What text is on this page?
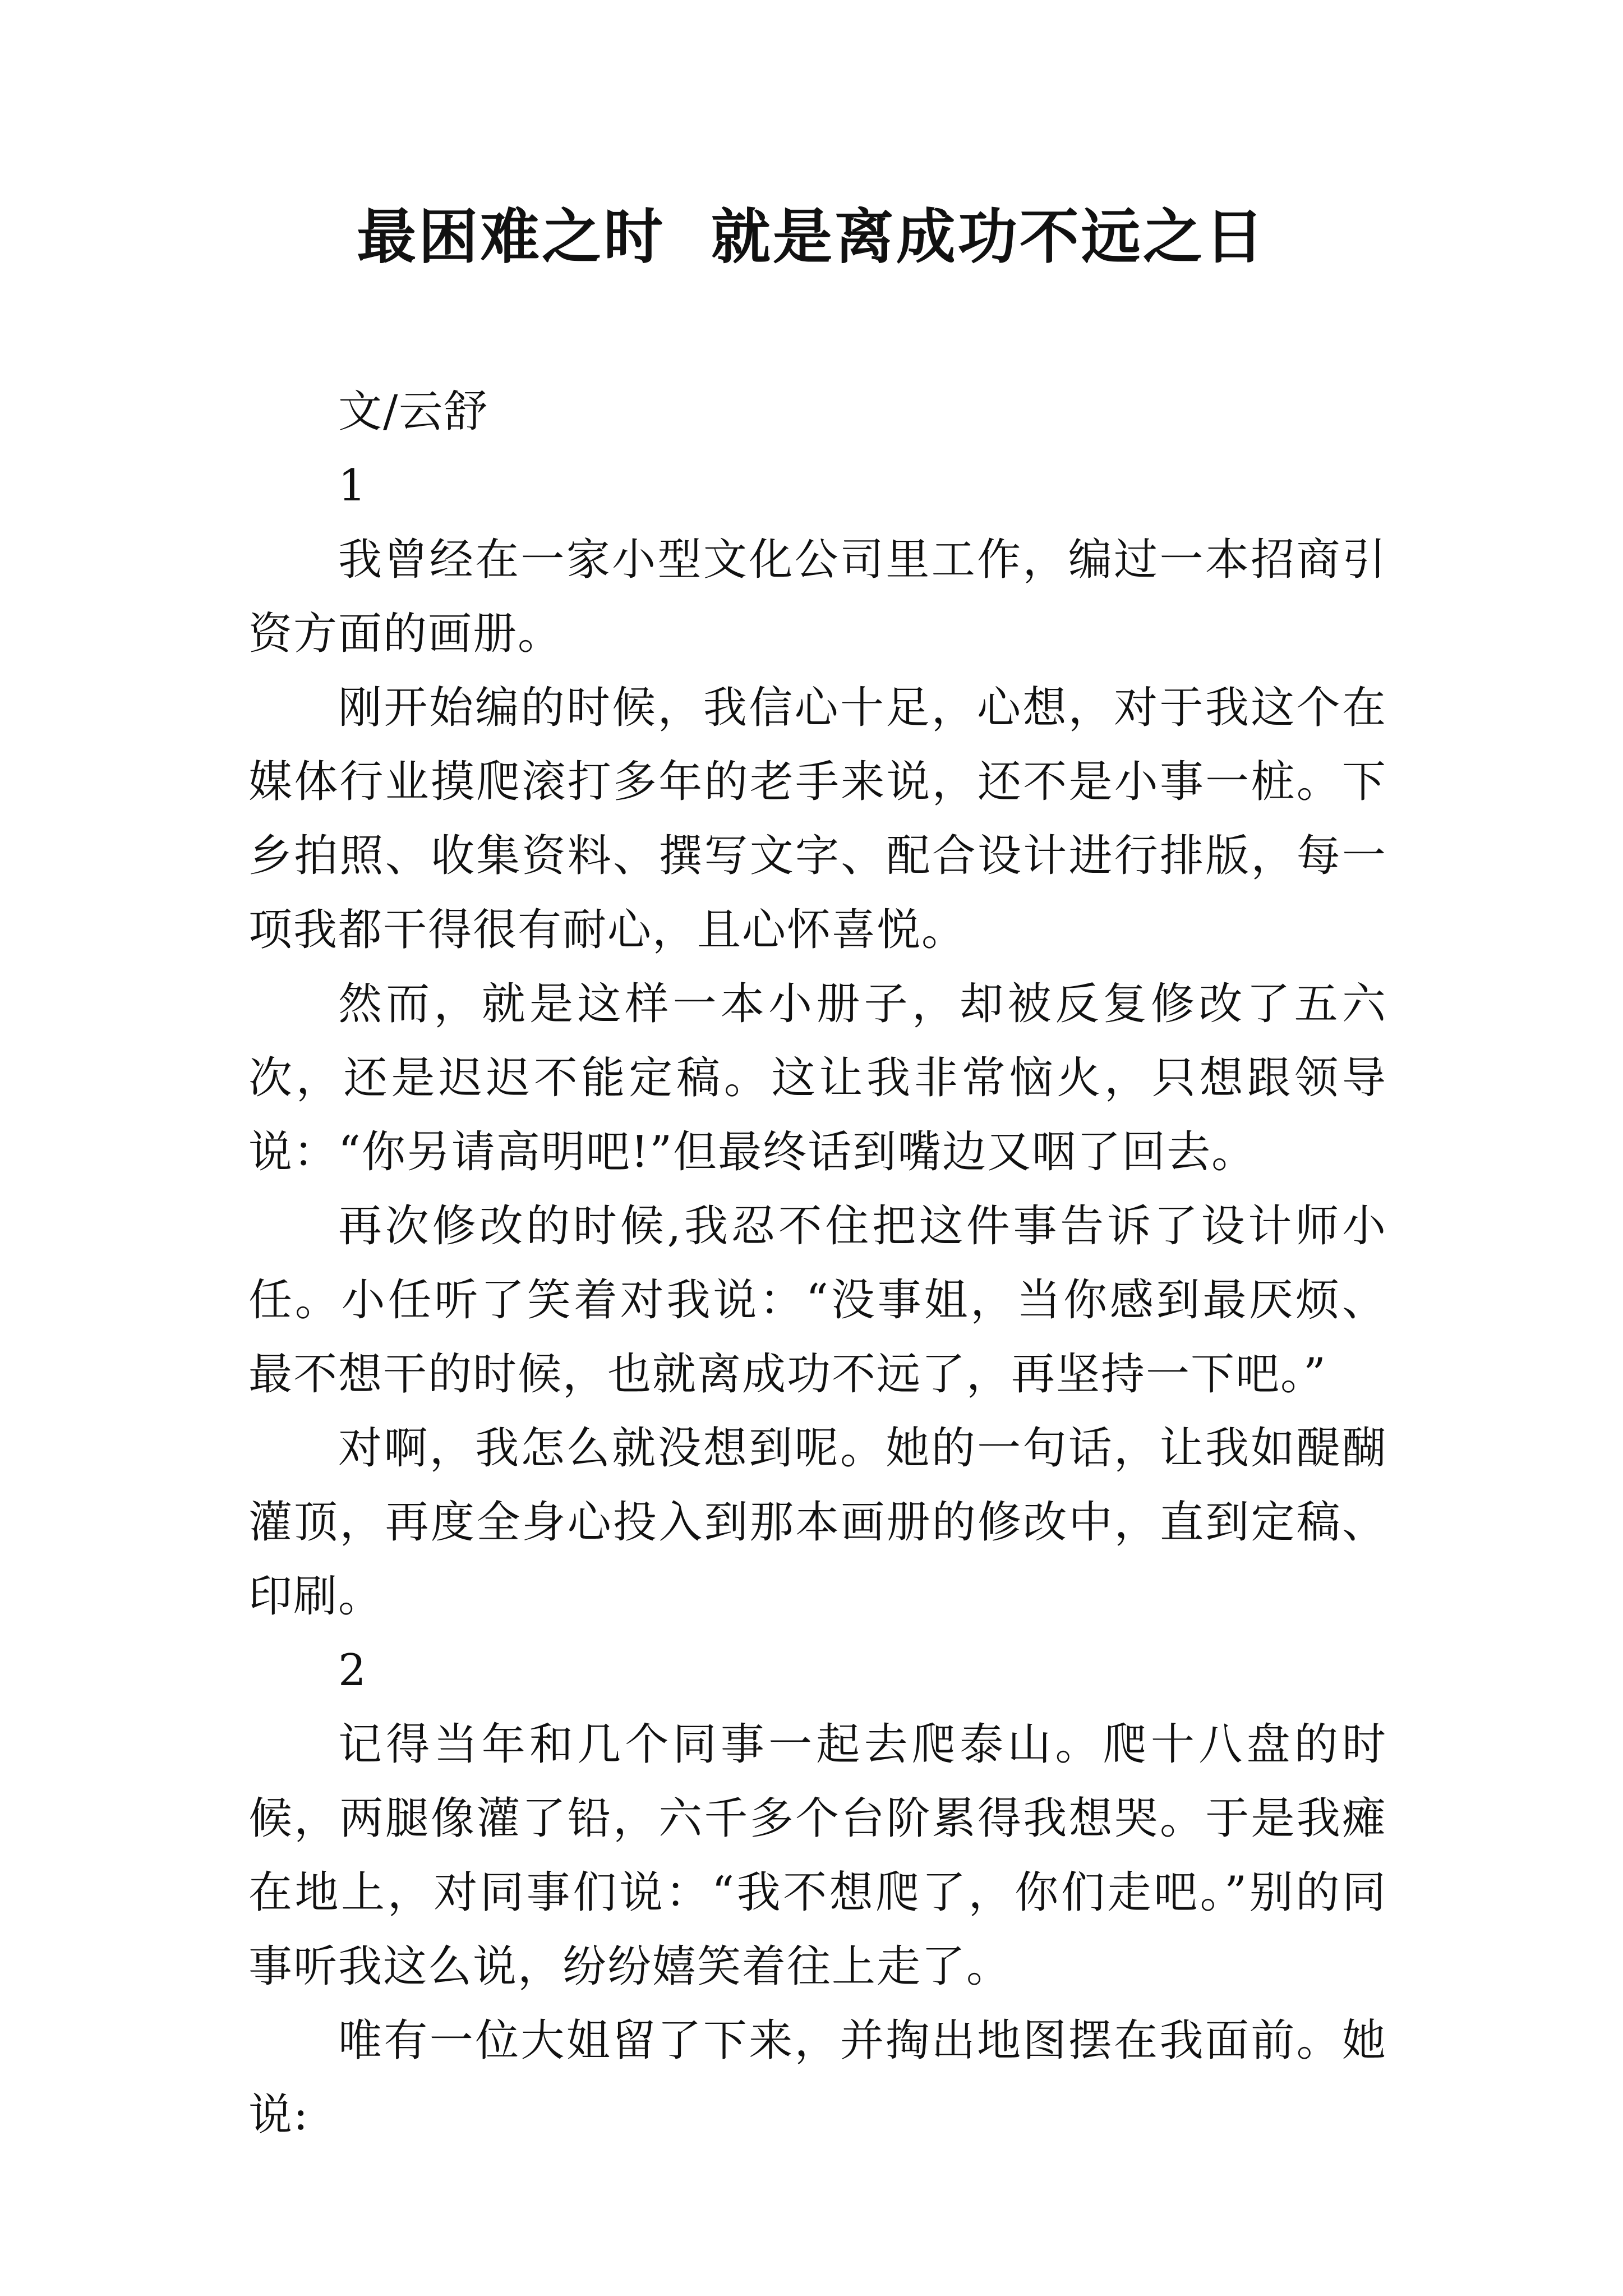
最困难之时  就是离成功不远之日

文/云舒

1

我曾经在一家小型文化公司里工作，编过一本招商引资方面的画册。

刚开始编的时候，我信心十足，心想，对于我这个在媒体行业摸爬滚打多年的老手来说，还不是小事一桩。下乡拍照、收集资料、撰写文字、配合设计进行排版，每一项我都干得很有耐心，且心怀喜悦。

然而，就是这样一本小册子，却被反复修改了五六次，还是迟迟不能定稿。这让我非常恼火，只想跟领导说：“你另请高明吧!”但最终话到嘴边又咽了回去。

再次修改的时候,我忍不住把这件事告诉了设计师小任。小任听了笑着对我说：“没事姐，当你感到最厌烦、最不想干的时候，也就离成功不远了，再坚持一下吧。”

对啊，我怎么就没想到呢。她的一句话，让我如醍醐灌顶，再度全身心投入到那本画册的修改中，直到定稿、印刷。

2

记得当年和几个同事一起去爬泰山。爬十八盘的时候，两腿像灌了铅，六千多个台阶累得我想哭。于是我瘫在地上，对同事们说：“我不想爬了，你们走吧。”别的同事听我这么说，纷纷嬉笑着往上走了。

唯有一位大姐留了下来，并掏出地图摆在我面前。她说:
